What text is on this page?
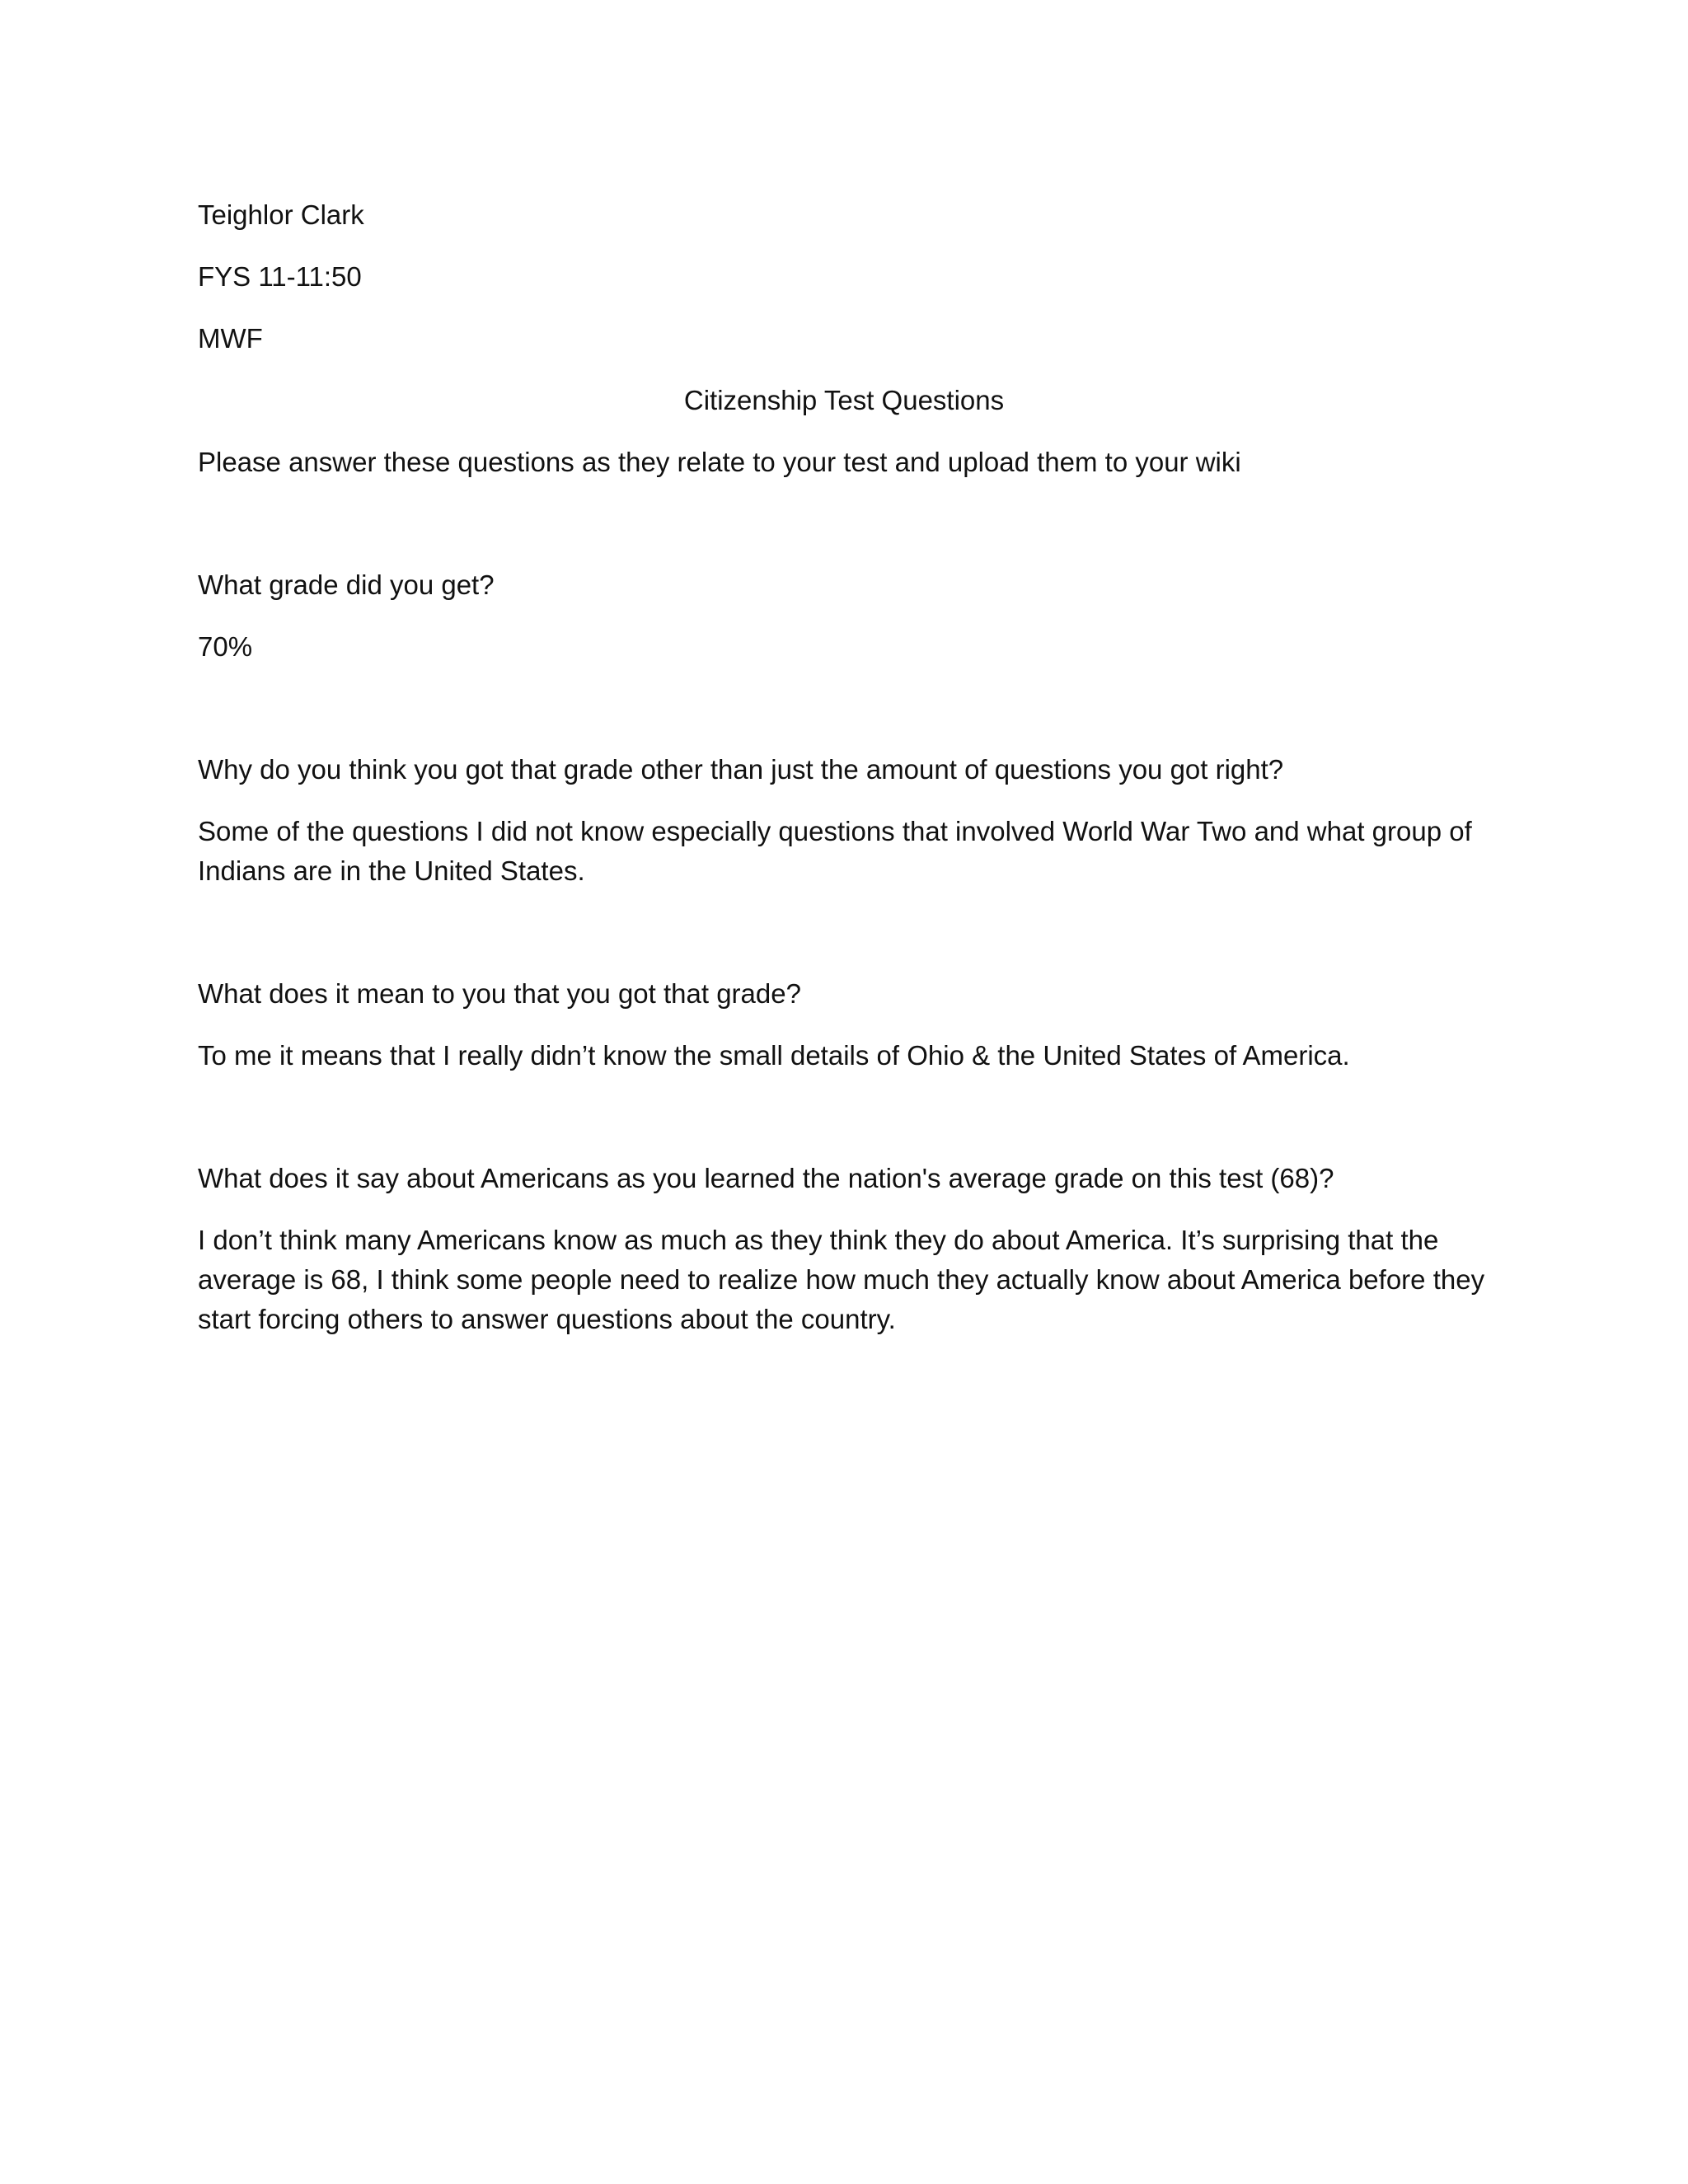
Teighlor Clark

FYS 11-11:50

MWF

Citizenship Test Questions

Please answer these questions as they relate to your test and upload them to your wiki

What grade did you get?

70%

Why do you think you got that grade other than just the amount of questions you got right?

Some of the questions I did not know especially questions that involved World War Two and what group of Indians are in the United States.

What does it mean to you that you got that grade?

To me it means that I really didn’t know the small details of Ohio & the United States of America.

What does it say about Americans as you learned the nation's average grade on this test (68)?

I don’t think many Americans know as much as they think they do about America. It’s surprising that the average is 68, I think some people need to realize how much they actually know about America before they start forcing others to answer questions about the country.
